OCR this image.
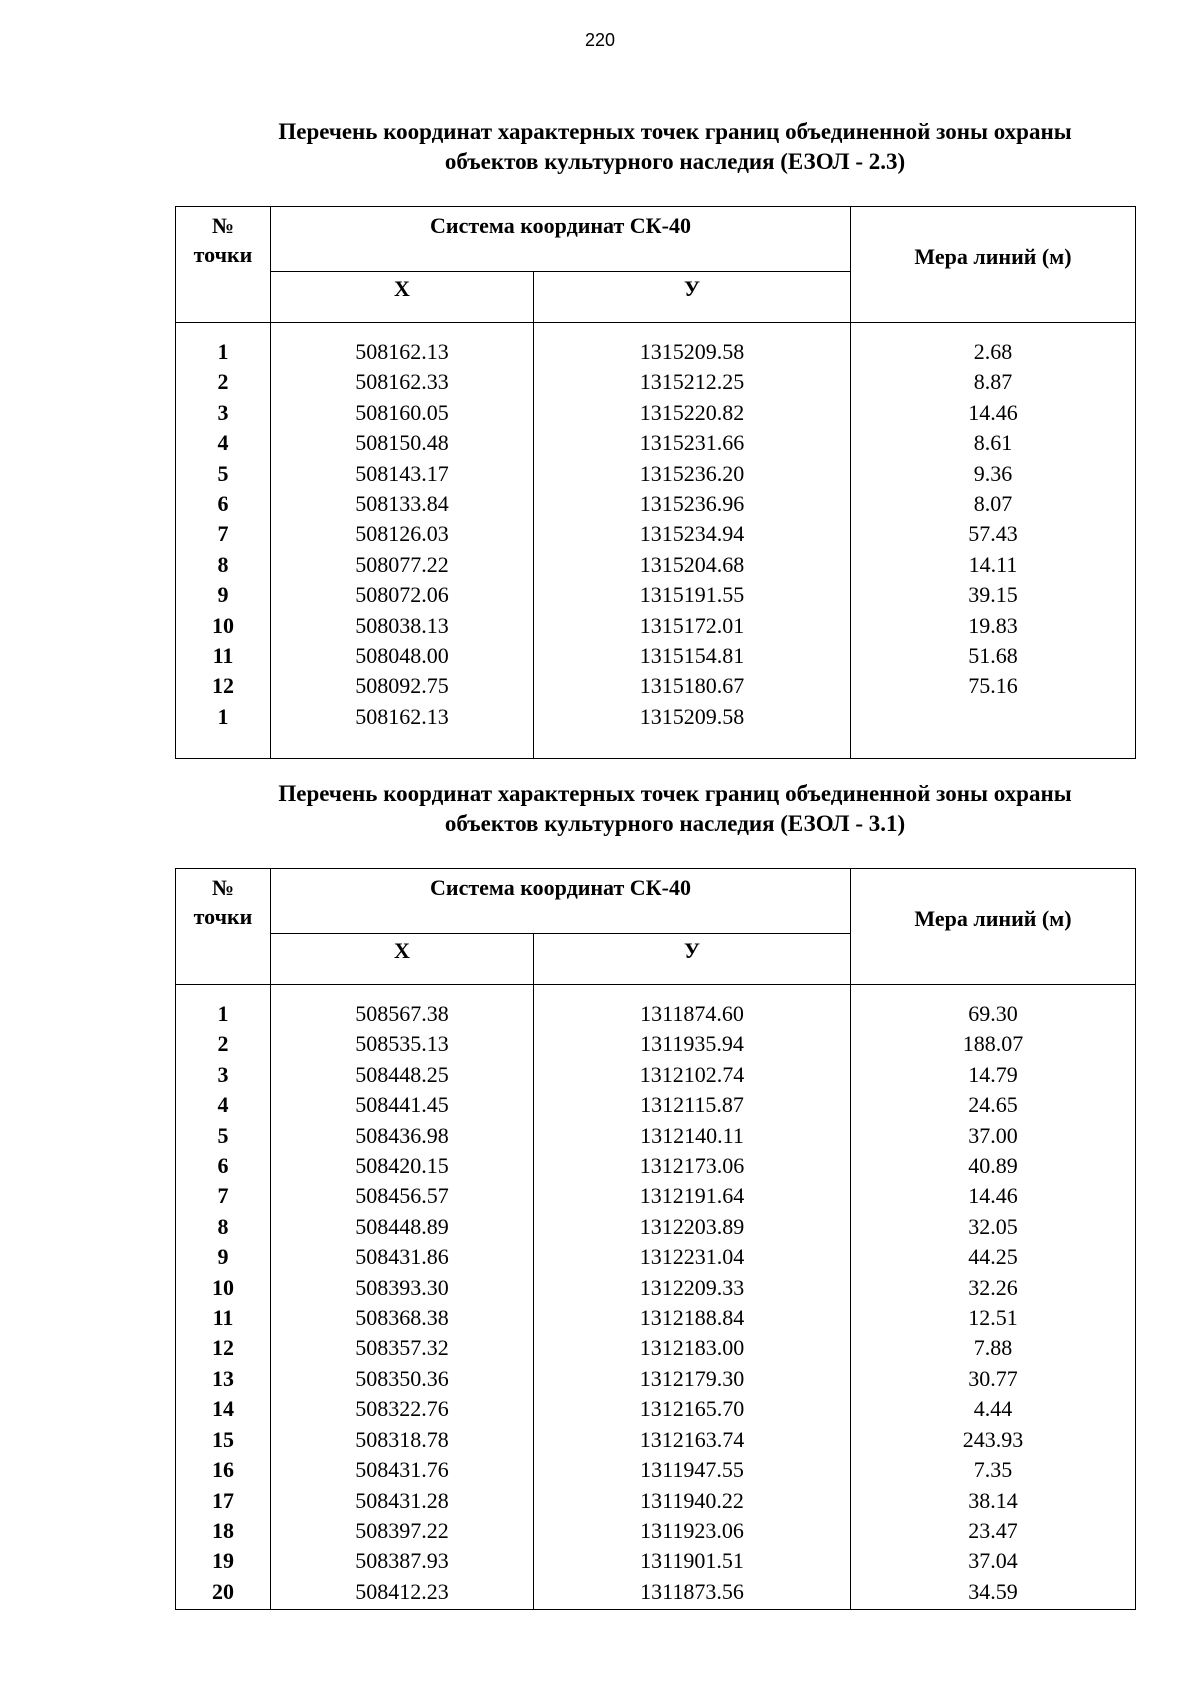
220
Перечень координат характерных точек границ объединенной зоны охраны
объектов культурного наследия (ЕЗОЛ - 2.3)
№
точки	Система координат СК-40		Мера линий (м)
	Х	У	

1	508162.13	1315209.58	2.68
2	508162.33	1315212.25	8.87
3	508160.05	1315220.82	14.46
4	508150.48	1315231.66	8.61
5	508143.17	1315236.20	9.36
6	508133.84	1315236.96	8.07
7	508126.03	1315234.94	57.43
8	508077.22	1315204.68	14.11
9	508072.06	1315191.55	39.15
10	508038.13	1315172.01	19.83
11	508048.00	1315154.81	51.68
12	508092.75	1315180.67	75.16
1	508162.13	1315209.58	

Перечень координат характерных точек границ объединенной зоны охраны
объектов культурного наследия (ЕЗОЛ - 3.1)
№
точки	Система координат СК-40		Мера линий (м)
	Х	У	

1	508567.38	1311874.60	69.30
2	508535.13	1311935.94	188.07
3	508448.25	1312102.74	14.79
4	508441.45	1312115.87	24.65
5	508436.98	1312140.11	37.00
6	508420.15	1312173.06	40.89
7	508456.57	1312191.64	14.46
8	508448.89	1312203.89	32.05
9	508431.86	1312231.04	44.25
10	508393.30	1312209.33	32.26
11	508368.38	1312188.84	12.51
12	508357.32	1312183.00	7.88
13	508350.36	1312179.30	30.77
14	508322.76	1312165.70	4.44
15	508318.78	1312163.74	243.93
16	508431.76	1311947.55	7.35
17	508431.28	1311940.22	38.14
18	508397.22	1311923.06	23.47
19	508387.93	1311901.51	37.04
20	508412.23	1311873.56	34.59
